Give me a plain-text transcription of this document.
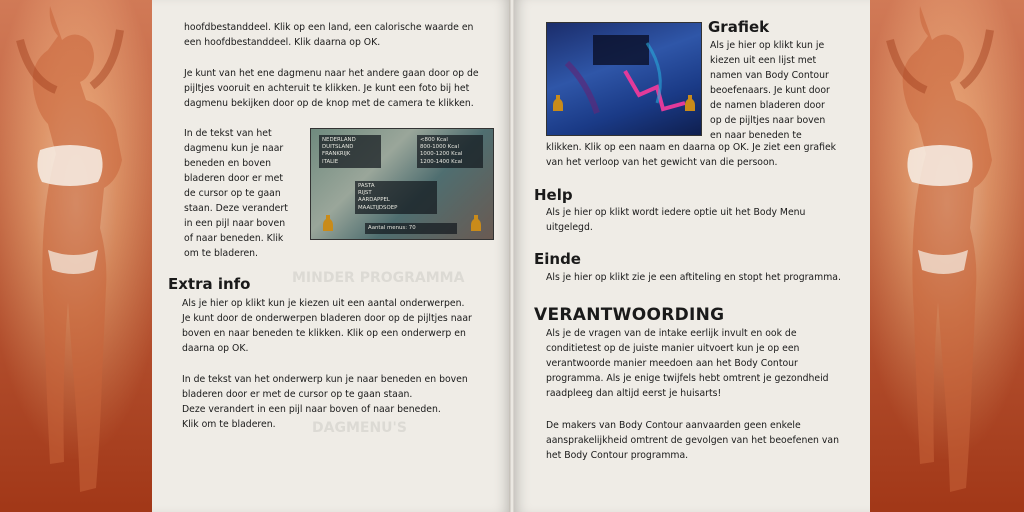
MINDER PROGRAMMA
DAGMENU'S

hoofdbestanddeel. Klik op een land, een calorische waarde en

een hoofdbestanddeel. Klik daarna op OK.

Je kunt van het ene dagmenu naar het andere gaan door op de

pijltjes vooruit en achteruit te klikken. Je kunt een foto bij het

dagmenu bekijken door op de knop met de camera te klikken.

In de tekst van het

dagmenu kun je naar

beneden en boven

bladeren door er met

de cursor op te gaan

staan. Deze verandert

in een pijl naar boven

of naar beneden. Klik

om te bladeren.

NEDERLAND
DUITSLAND
FRANKRIJK
ITALIE
<800 Kcal
800-1000 Kcal
1000-1200 Kcal
1200-1400 Kcal
PASTA
RIJST
AARDAPPEL
MAALTIJDSOEP
Aantal menus: 70
Extra info

Als je hier op klikt kun je kiezen uit een aantal onderwerpen.

Je kunt door de onderwerpen bladeren door op de pijltjes naar

boven en naar beneden te klikken. Klik op een onderwerp en

daarna op OK.

In de tekst van het onderwerp kun je naar beneden en boven

bladeren door er met de cursor op te gaan staan.

Deze verandert in een pijl naar boven of naar beneden.

Klik om te bladeren.

Grafiek

Als je hier op klikt kun je

kiezen uit een lijst met

namen van Body Contour

beoefenaars. Je kunt door

de namen bladeren door

op de pijltjes naar boven

en naar beneden te

klikken. Klik op een naam en daarna op OK. Je ziet een grafiek

van het verloop van het gewicht van die persoon.

Help

Als je hier op klikt wordt iedere optie uit het Body Menu

uitgelegd.

Einde

Als je hier op klikt zie je een aftiteling en stopt het programma.

VERANTWOORDING

Als je de vragen van de intake eerlijk invult en ook de

conditietest op de juiste manier uitvoert kun je op een

verantwoorde manier meedoen aan het Body Contour

programma. Als je enige twijfels hebt omtrent je gezondheid

raadpleeg dan altijd eerst je huisarts!

De makers van Body Contour aanvaarden geen enkele

aansprakelijkheid omtrent de gevolgen van het beoefenen van

het Body Contour programma.
